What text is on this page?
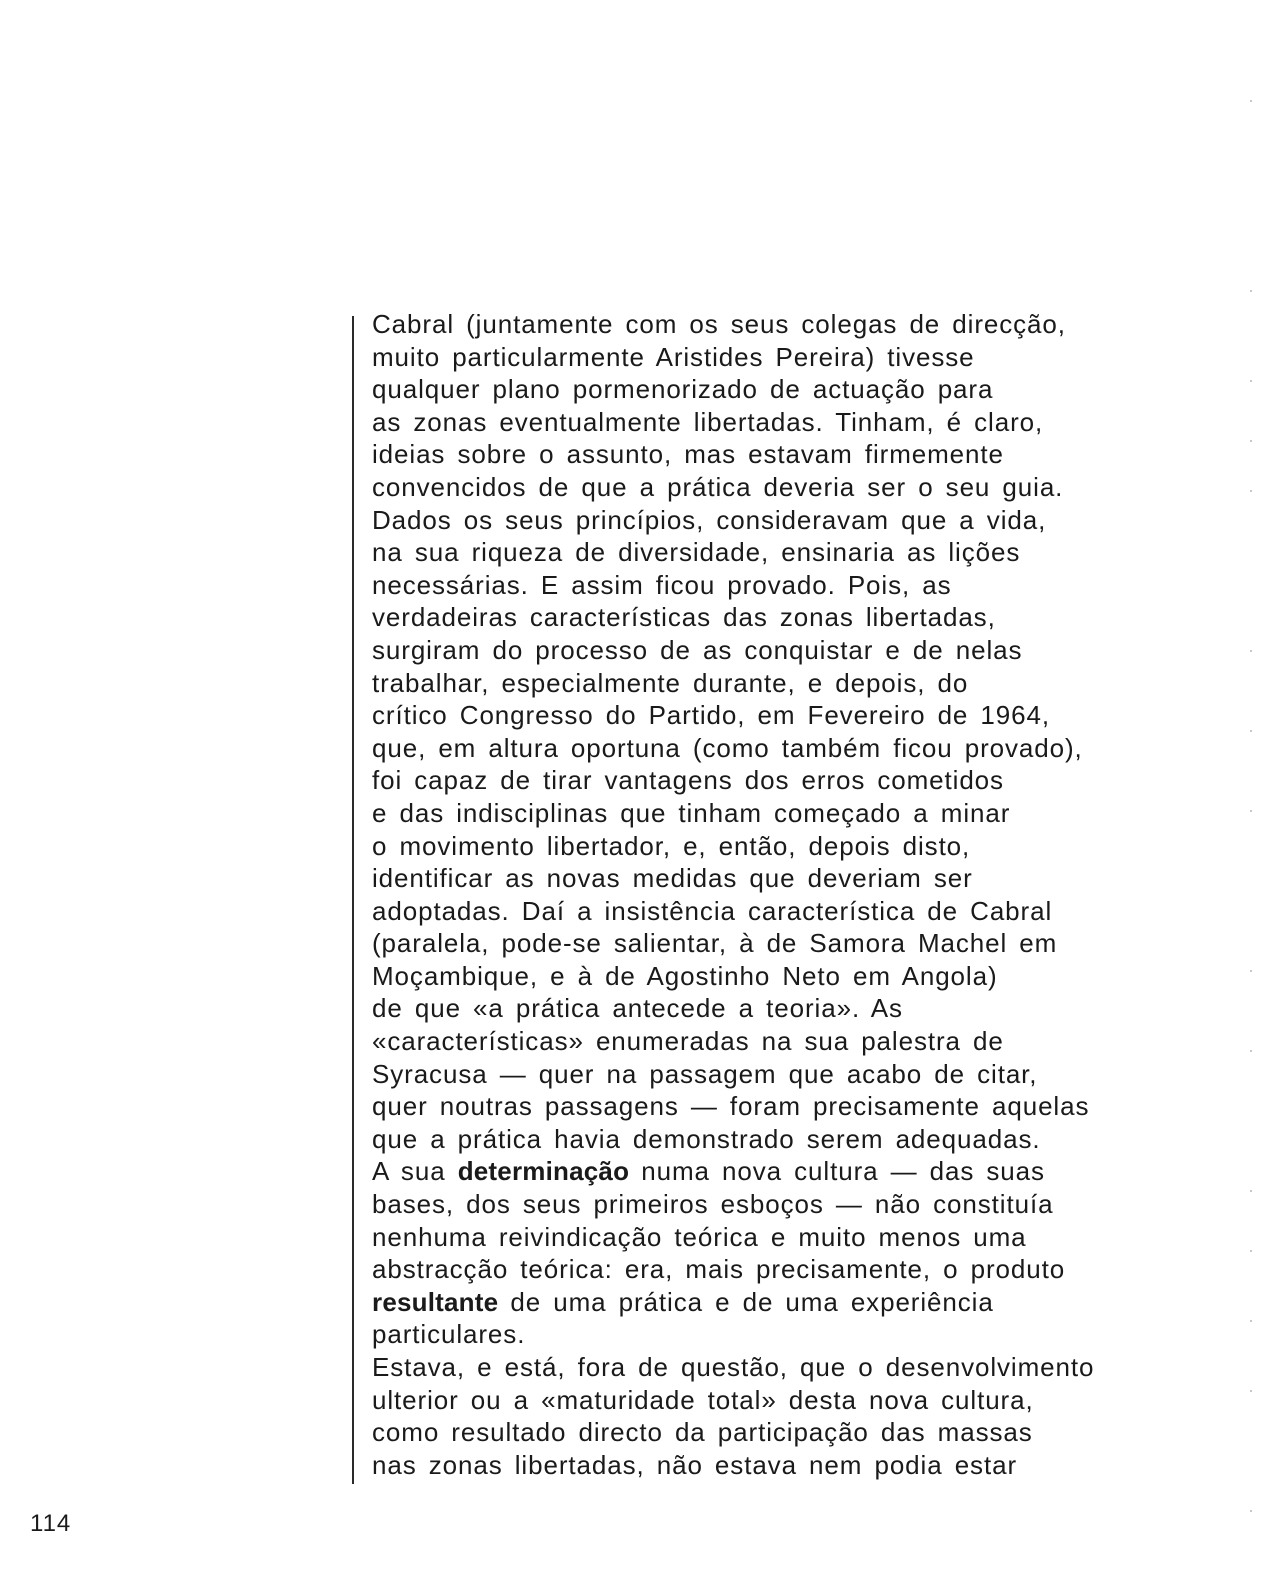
Cabral (juntamente com os seus colegas de direcção,
muito particularmente Aristides Pereira) tivesse
qualquer plano pormenorizado de actuação para
as zonas eventualmente libertadas. Tinham, é claro,
ideias sobre o assunto, mas estavam firmemente
convencidos de que a prática deveria ser o seu guia.
Dados os seus princípios, consideravam que a vida,
na sua riqueza de diversidade, ensinaria as lições
necessárias. E assim ficou provado. Pois, as
verdadeiras características das zonas libertadas,
surgiram do processo de as conquistar e de nelas
trabalhar, especialmente durante, e depois, do
crítico Congresso do Partido, em Fevereiro de 1964,
que, em altura oportuna (como também ficou provado),
foi capaz de tirar vantagens dos erros cometidos
e das indisciplinas que tinham começado a minar
o movimento libertador, e, então, depois disto,
identificar as novas medidas que deveriam ser
adoptadas. Daí a insistência característica de Cabral
(paralela, pode-se salientar, à de Samora Machel em
Moçambique, e à de Agostinho Neto em Angola)
de que «a prática antecede a teoria». As
«características» enumeradas na sua palestra de
Syracusa — quer na passagem que acabo de citar,
quer noutras passagens — foram precisamente aquelas
que a prática havia demonstrado serem adequadas.
A sua determinação numa nova cultura — das suas
bases, dos seus primeiros esboços — não constituía
nenhuma reivindicação teórica e muito menos uma
abstracção teórica: era, mais precisamente, o produto
resultante de uma prática e de uma experiência
particulares.
Estava, e está, fora de questão, que o desenvolvimento
ulterior ou a «maturidade total» desta nova cultura,
como resultado directo da participação das massas
nas zonas libertadas, não estava nem podia estar

114
